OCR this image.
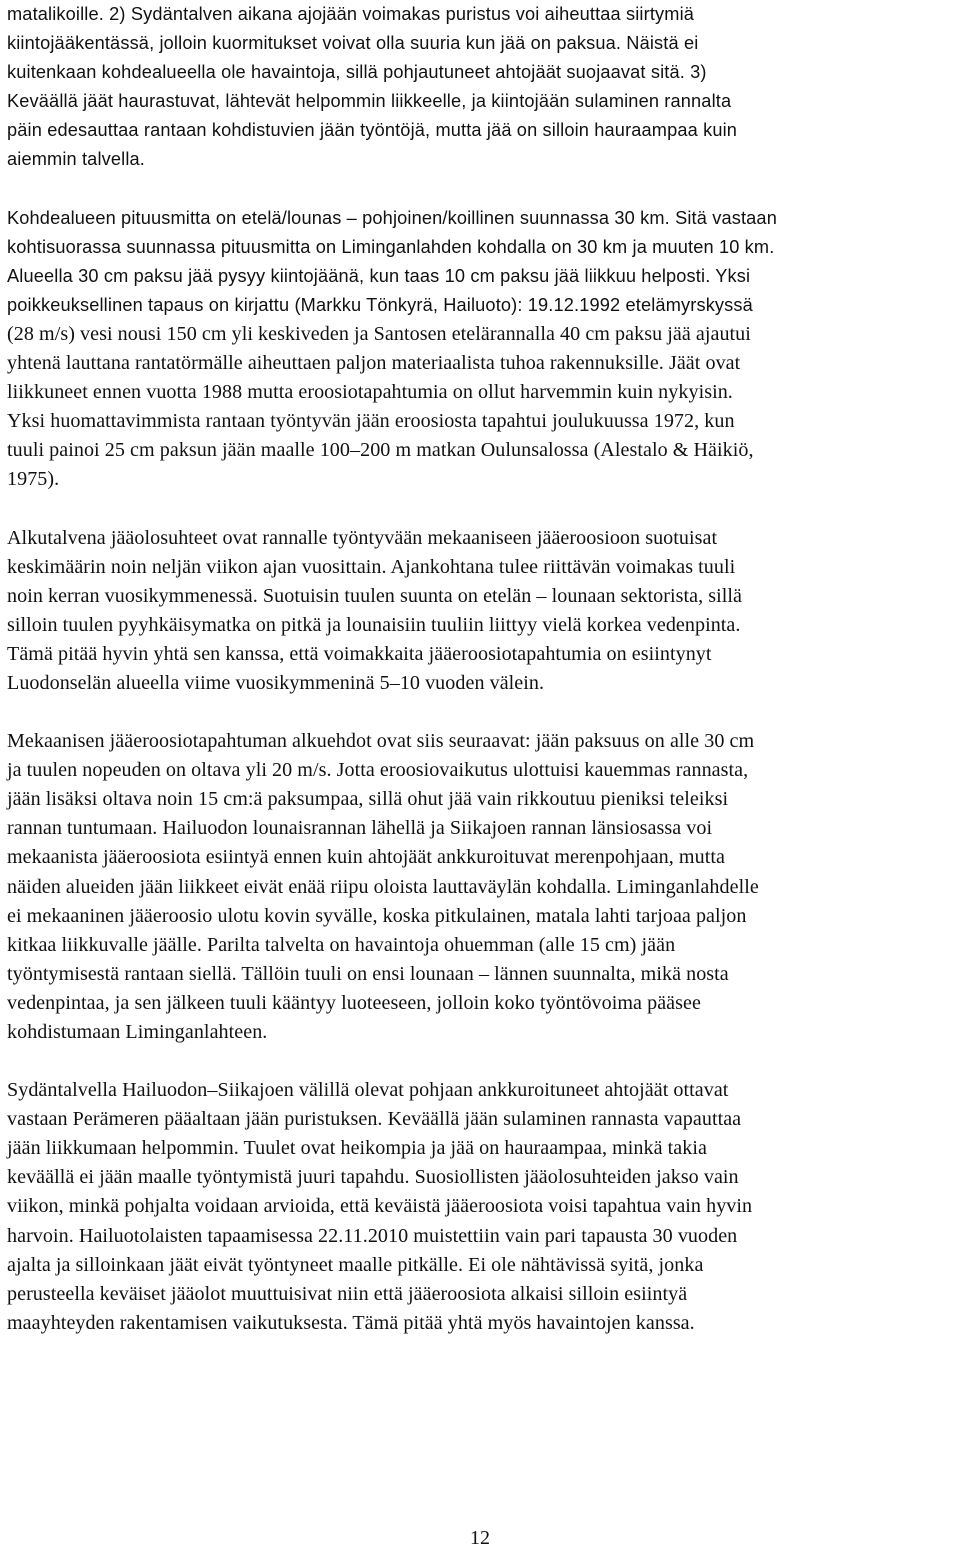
matalikoille. 2) Sydäntalven aikana ajojään voimakas puristus voi aiheuttaa siirtymiä
kiintojääkentässä, jolloin kuormitukset voivat olla suuria kun jää on paksua. Näistä ei
kuitenkaan kohdealueella ole havaintoja, sillä pohjautuneet ahtojäät suojaavat sitä. 3)
Keväällä jäät haurastuvat, lähtevät helpommin liikkeelle, ja kiintojään sulaminen rannalta
päin edesauttaa rantaan kohdistuvien jään työntöjä, mutta jää on silloin hauraampaa kuin
aiemmin talvella.
Kohdealueen pituusmitta on etelä/lounas – pohjoinen/koillinen suunnassa 30 km. Sitä vastaan
kohtisuorassa suunnassa pituusmitta on Liminganlahden kohdalla on 30 km ja muuten 10 km.
Alueella 30 cm paksu jää pysyy kiintojäänä, kun taas 10 cm paksu jää liikkuu helposti. Yksi
poikkeuksellinen tapaus on kirjattu (Markku Tönkyrä, Hailuoto): 19.12.1992 etelämyrskyssä
(28 m/s) vesi nousi 150 cm yli keskiveden ja Santosen etelärannalla 40 cm paksu jää ajautui
yhtenä lauttana rantatörmälle aiheuttaen paljon materiaalista tuhoa rakennuksille. Jäät ovat
liikkuneet ennen vuotta 1988 mutta eroosiotapahtumia on ollut harvemmin kuin nykyisin.
Yksi huomattavimmista rantaan työntyvän jään eroosiosta tapahtui joulukuussa 1972, kun
tuuli painoi 25 cm paksun jään maalle 100–200 m matkan Oulunsalossa (Alestalo & Häikiö,
1975).
Alkutalvena jääolosuhteet ovat rannalle työntyvään mekaaniseen jääeroosioon suotuisat
keskimäärin noin neljän viikon ajan vuosittain. Ajankohtana tulee riittävän voimakas tuuli
noin kerran vuosikymmenessä. Suotuisin tuulen suunta on etelän – lounaan sektorista, sillä
silloin tuulen pyyhkäisymatka on pitkä ja lounaisiin tuuliin liittyy vielä korkea vedenpinta.
Tämä pitää hyvin yhtä sen kanssa, että voimakkaita jääeroosiotapahtumia on esiintynyt
Luodonselän alueella viime vuosikymmeninä 5–10 vuoden välein.
Mekaanisen jääeroosiotapahtuman alkuehdot ovat siis seuraavat: jään paksuus on alle 30 cm
ja tuulen nopeuden on oltava yli 20 m/s. Jotta eroosiovaikutus ulottuisi kauemmas rannasta,
jään lisäksi oltava noin 15 cm:ä paksumpaa, sillä ohut jää vain rikkoutuu pieniksi teleiksi
rannan tuntumaan. Hailuodon lounaisrannan lähellä ja Siikajoen rannan länsiosassa voi
mekaanista jääeroosiota esiintyä ennen kuin ahtojäät ankkuroituvat merenpohjaan, mutta
näiden alueiden jään liikkeet eivät enää riipu oloista lauttaväylän kohdalla. Liminganlahdelle
ei mekaaninen jääeroosio ulotu kovin syvälle, koska pitkulainen, matala lahti tarjoaa paljon
kitkaa liikkuvalle jäälle. Parilta talvelta on havaintoja ohuemman (alle 15 cm) jään
työntymisestä rantaan siellä. Tällöin tuuli on ensi lounaan – lännen suunnalta, mikä nosta
vedenpintaa, ja sen jälkeen tuuli kääntyy luoteeseen, jolloin koko työntövoima pääsee
kohdistumaan Liminganlahteen.
Sydäntalvella Hailuodon–Siikajoen välillä olevat pohjaan ankkuroituneet ahtojäät ottavat
vastaan Perämeren pääaltaan jään puristuksen. Keväällä jään sulaminen rannasta vapauttaa
jään liikkumaan helpommin. Tuulet ovat heikompia ja jää on hauraampaa, minkä takia
keväällä ei jään maalle työntymistä juuri tapahdu. Suosiollisten jääolosuhteiden jakso vain
viikon, minkä pohjalta voidaan arvioida, että keväistä jääeroosiota voisi tapahtua vain hyvin
harvoin. Hailuotolaisten tapaamisessa 22.11.2010 muistettiin vain pari tapausta 30 vuoden
ajalta ja silloinkaan jäät eivät työntyneet maalle pitkälle. Ei ole nähtävissä syitä, jonka
perusteella keväiset jääolot muuttuisivat niin että jääeroosiota alkaisi silloin esiintyä
maayhteyden rakentamisen vaikutuksesta. Tämä pitää yhtä myös havaintojen kanssa.

12
